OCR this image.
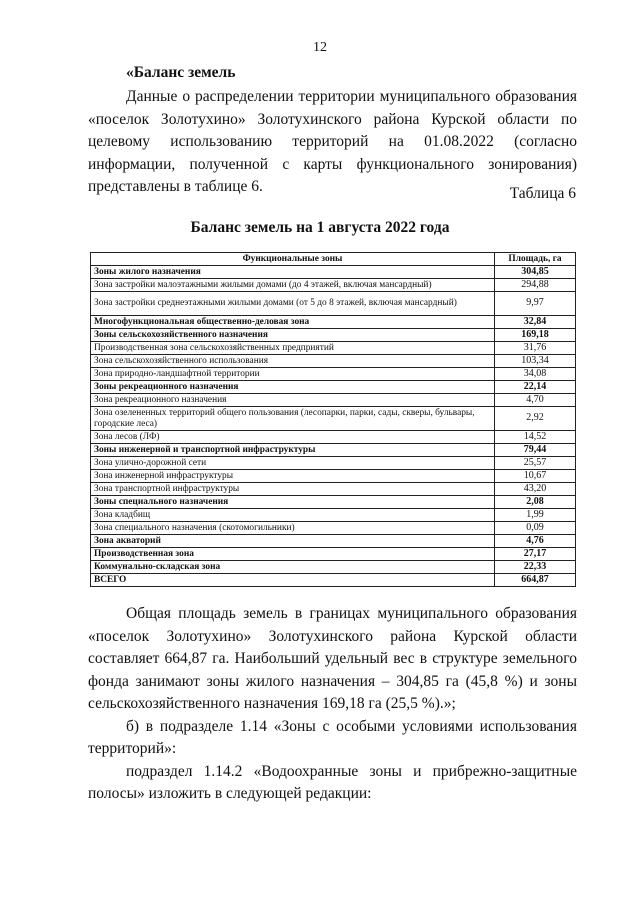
12
«Баланс земель
Данные о распределении территории муниципального образования «поселок Золотухино» Золотухинского района Курской области по целевому использованию территорий на 01.08.2022 (согласно информации, полученной с карты функционального зонирования) представлены в таблице 6.	Таблица 6
Баланс земель на 1 августа 2022 года
Функциональные зоны	Площадь, га
Зоны жилого назначения	304,85
Зона застройки малоэтажными жилыми домами (до 4 этажей, включая мансардный)	294,88
Зона застройки среднеэтажными жилыми домами (от 5 до 8 этажей, включая мансардный)	9,97
Многофункциональная общественно-деловая зона	32,84
Зоны сельскохозяйственного назначения	169,18
Производственная зона сельскохозяйственных предприятий	31,76
Зона сельскохозяйственного использования	103,34
Зона природно-ландшафтной территории	34,08
Зоны рекреационного назначения	22,14
Зона рекреационного назначения	4,70
Зона озелененных территорий общего пользования (лесопарки, парки, сады, скверы, бульвары, городские леса)	2,92
Зона лесов (ЛФ)	14,52
Зоны инженерной и транспортной инфраструктуры	79,44
Зона улично-дорожной сети	25,57
Зона инженерной инфраструктуры	10,67
Зона транспортной инфраструктуры	43,20
Зоны специального назначения	2,08
Зона кладбищ	1,99
Зона специального назначения (скотомогильники)	0,09
Зона акваторий	4,76
Производственная зона	27,17
Коммунально-складская зона	22,33
ВСЕГО	664,87
Общая площадь земель в границах муниципального образования «поселок Золотухино» Золотухинского района Курской области составляет 664,87 га. Наибольший удельный вес в структуре земельного фонда занимают зоны жилого назначения – 304,85 га (45,8 %) и зоны сельскохозяйственного назначения 169,18 га (25,5 %).»;
б) в подразделе 1.14 «Зоны с особыми условиями использования территорий»:
подраздел 1.14.2 «Водоохранные зоны и прибрежно-защитные полосы» изложить в следующей редакции:
